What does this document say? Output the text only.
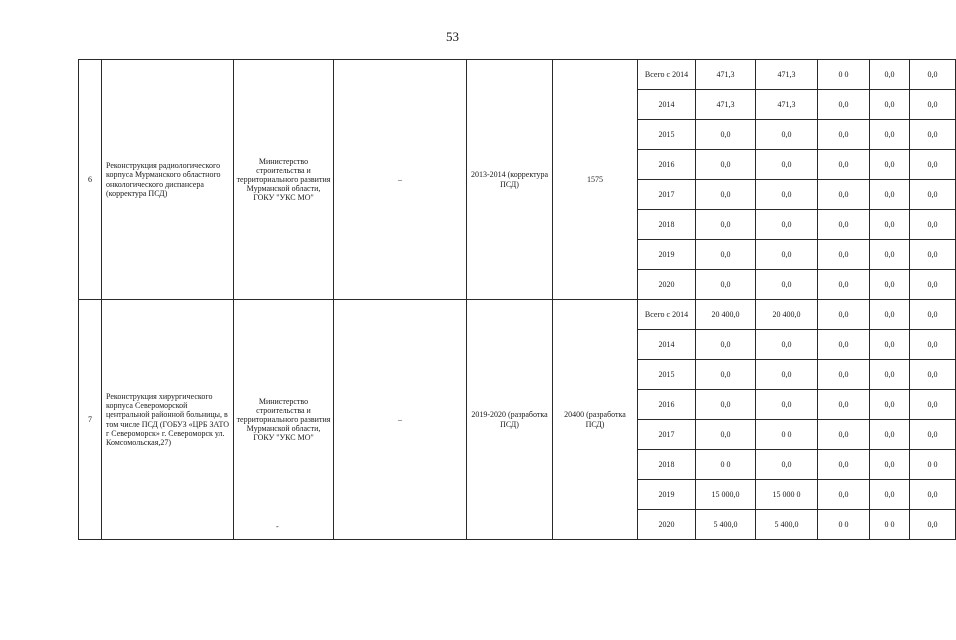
53
6	Реконструкция радиологического корпуса Мурманского областного онкологического диспансера (корректура ПСД)	Министерство строительства и территориального развития Мурманской области, ГОКУ "УКС МО"	–	2013-2014 (корректура ПСД)	1575	Всего с 2014	471,3	471,3	0 0	0,0	0,0
						2014	471,3	471,3	0,0	0,0	0,0
						2015	0,0	0,0	0,0	0,0	0,0
						2016	0,0	0,0	0,0	0,0	0,0
						2017	0,0	0,0	0,0	0,0	0,0
						2018	0,0	0,0	0,0	0,0	0,0
						2019	0,0	0,0	0,0	0,0	0,0
						2020	0,0	0,0	0,0	0,0	0,0
7	Реконструкция хирургического корпуса Североморской центральной районной больницы, в том числе ПСД (ГОБУЗ «ЦРБ ЗАТО г Североморск» г. Североморск ул. Комсомольская,27)	Министерство строительства и территориального развития Мурманской области, ГОКУ "УКС МО"	–	2019-2020 (разработка ПСД)	20400 (разработка ПСД)	Всего с 2014	20 400,0	20 400,0	0,0	0,0	0,0
						2014	0,0	0,0	0,0	0,0	0,0
						2015	0,0	0,0	0,0	0,0	0,0
						2016	0,0	0,0	0,0	0,0	0,0
						2017	0,0	0 0	0,0	0,0	0,0
						2018	0 0	0,0	0,0	0,0	0 0
						2019	15 000,0	15 000 0	0,0	0,0	0,0
						2020	5 400,0	5 400,0	0 0	0 0	0,0
-
